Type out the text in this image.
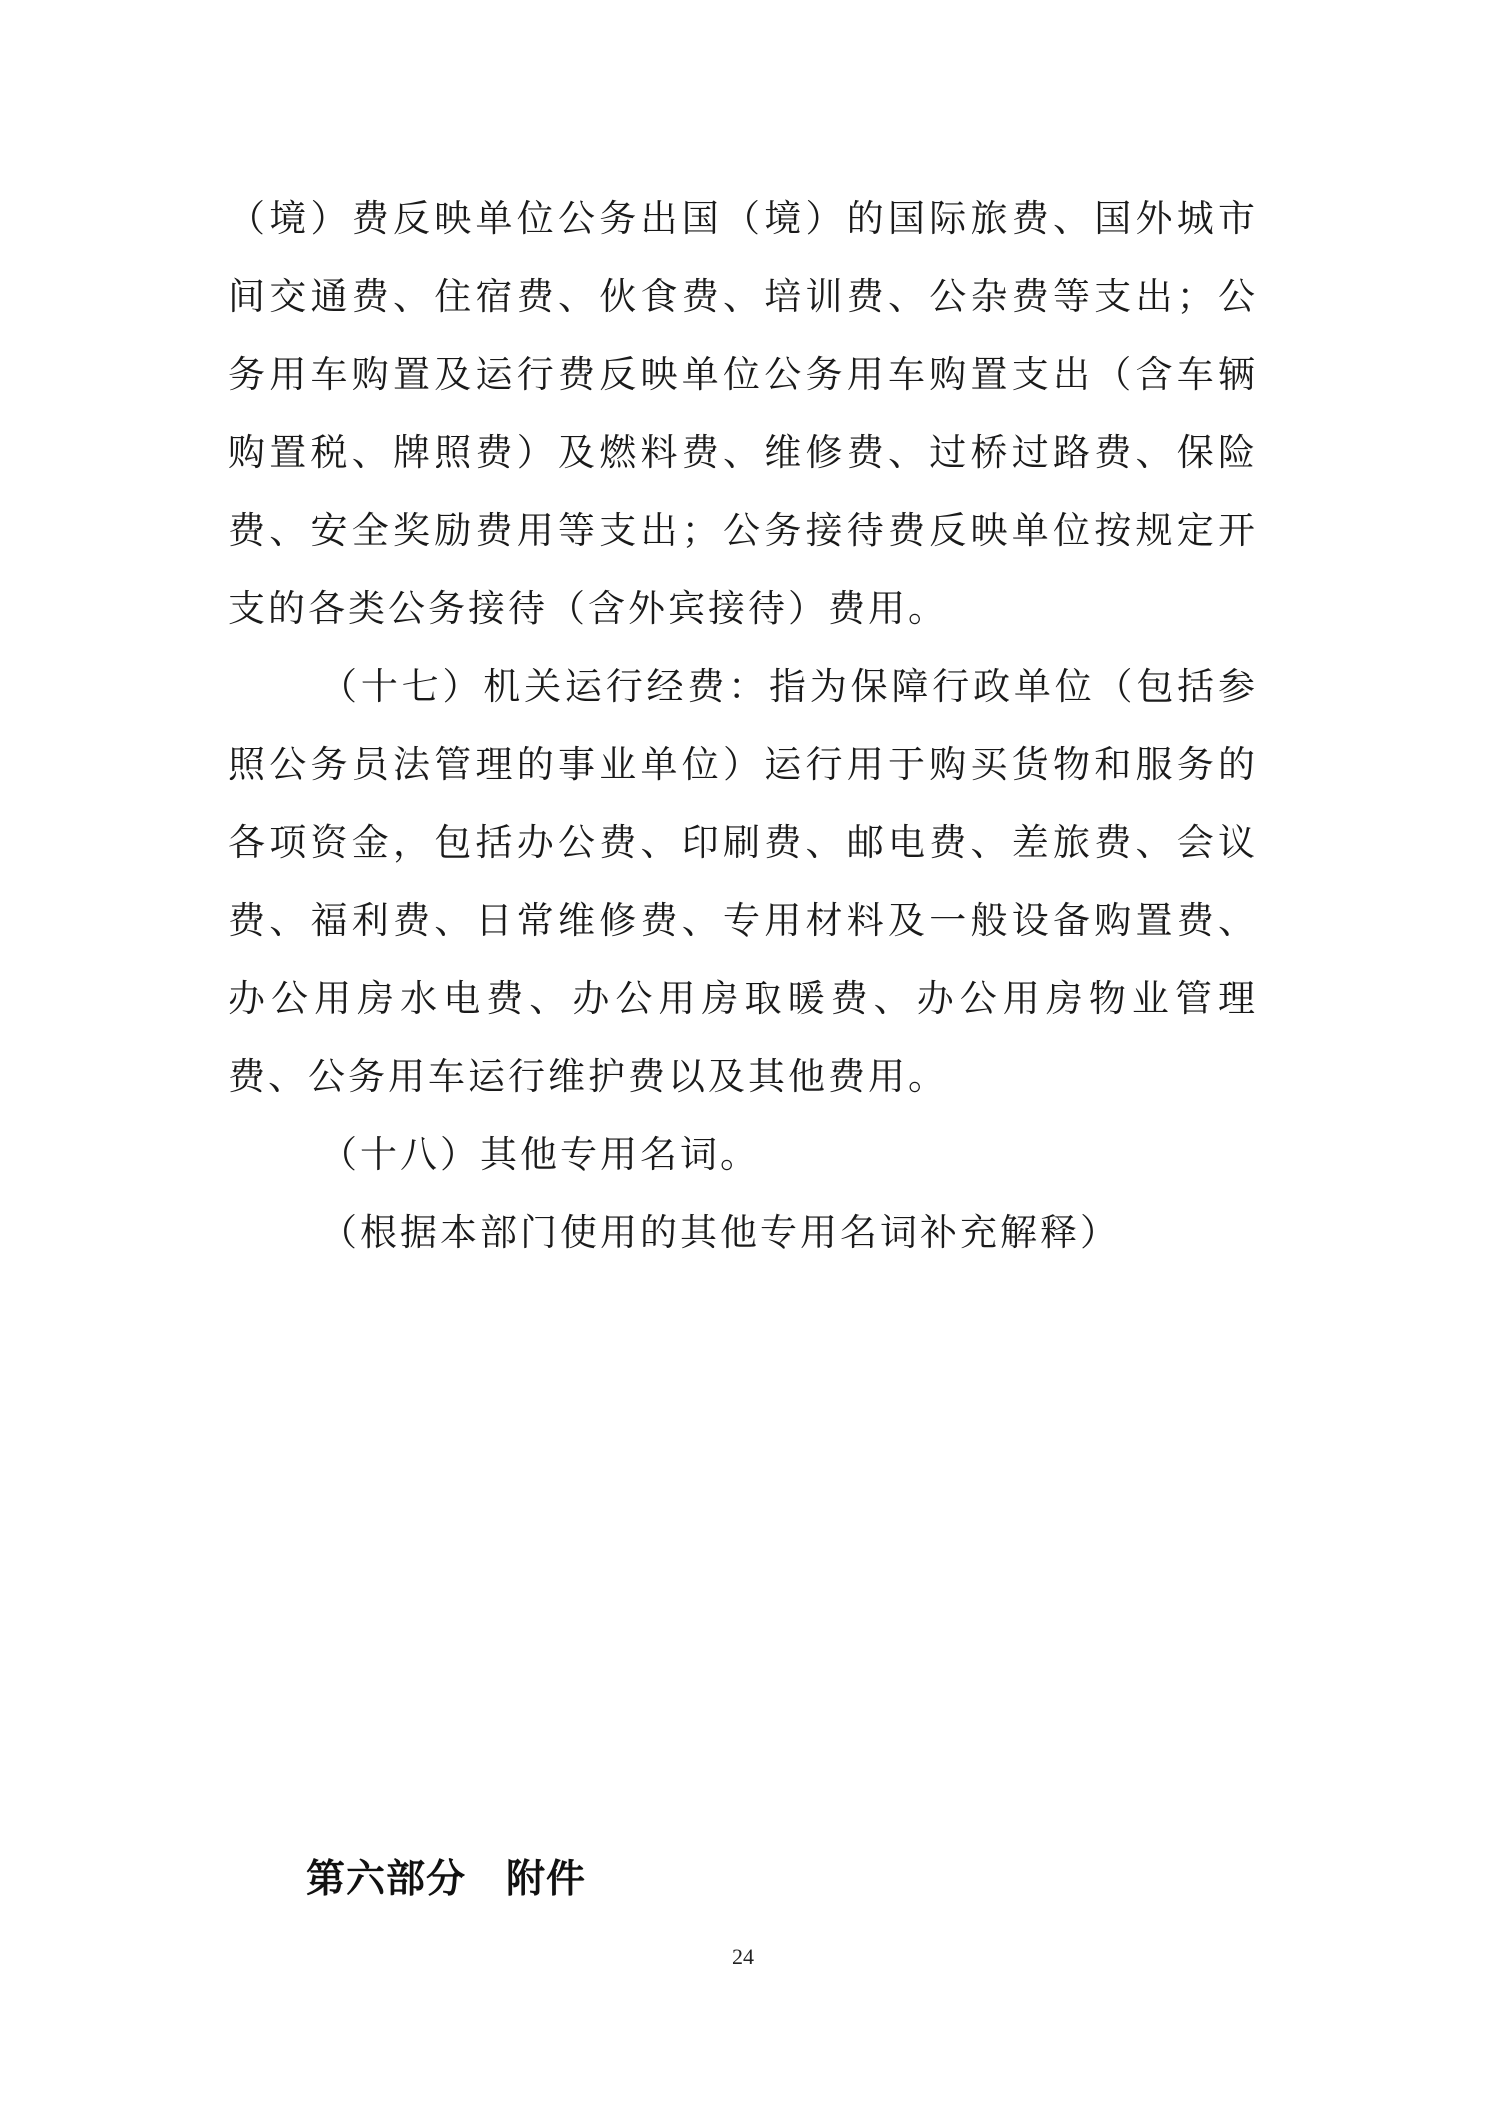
（境）费反映单位公务出国（境）的国际旅费、国外城市间交通费、住宿费、伙食费、培训费、公杂费等支出；公务用车购置及运行费反映单位公务用车购置支出（含车辆购置税、牌照费）及燃料费、维修费、过桥过路费、保险费、安全奖励费用等支出；公务接待费反映单位按规定开支的各类公务接待（含外宾接待）费用。

（十七）机关运行经费：指为保障行政单位（包括参照公务员法管理的事业单位）运行用于购买货物和服务的各项资金，包括办公费、印刷费、邮电费、差旅费、会议费、福利费、日常维修费、专用材料及一般设备购置费、办公用房水电费、办公用房取暖费、办公用房物业管理费、公务用车运行维护费以及其他费用。

（十八）其他专用名词。

（根据本部门使用的其他专用名词补充解释）

第六部分　附件
24
